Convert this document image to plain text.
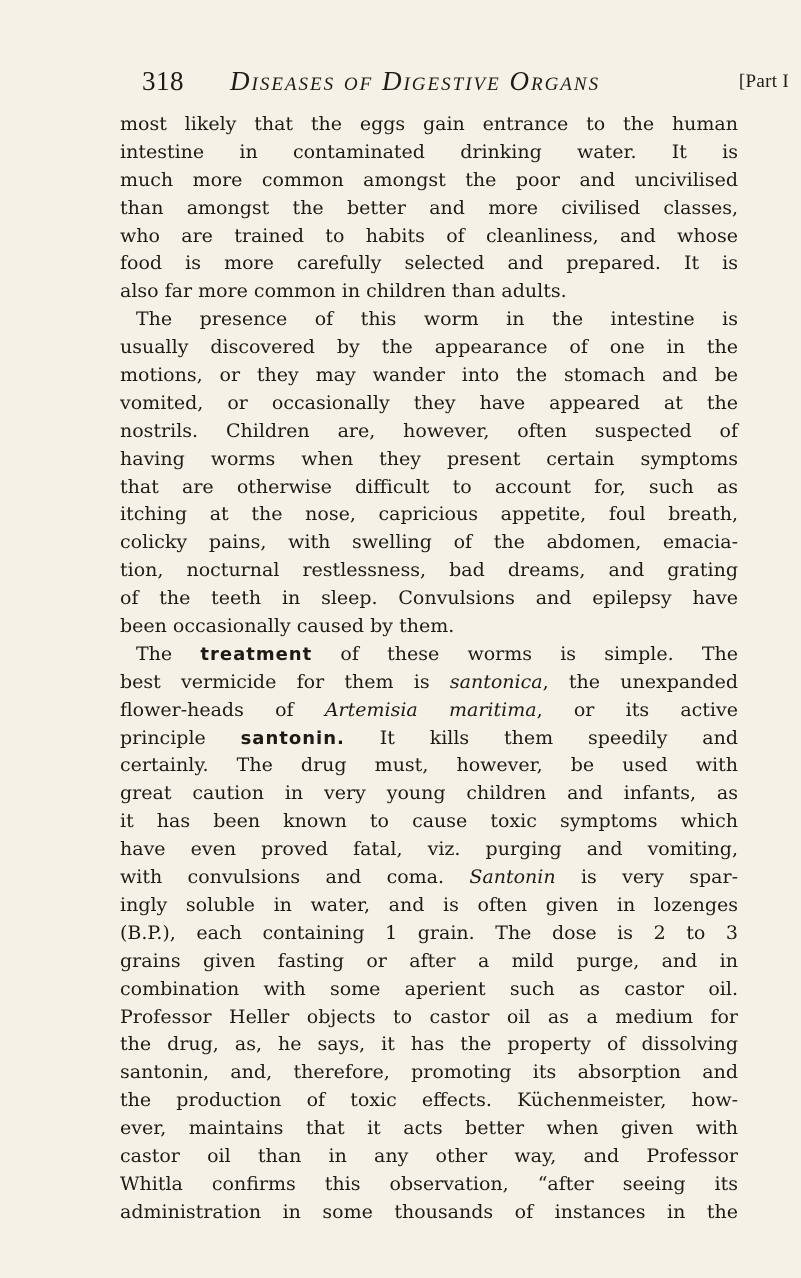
318 Diseases of Digestive Organs	[Part I
most likely that the eggs gain entrance to the human
intestine in contaminated drinking water. It is
much more common amongst the poor and uncivilised
than amongst the better and more civilised classes,
who are trained to habits of cleanliness, and whose
food is more carefully selected and prepared. It is
also far more common in children than adults.
The presence of this worm in the intestine is
usually discovered by the appearance of one in the
motions, or they may wander into the stomach and be
vomited, or occasionally they have appeared at the
nostrils. Children are, however, often suspected of
having worms when they present certain symptoms
that are otherwise difficult to account for, such as
itching at the nose, capricious appetite, foul breath,
colicky pains, with swelling of the abdomen, emacia-
tion, nocturnal restlessness, bad dreams, and grating
of the teeth in sleep. Convulsions and epilepsy have
been occasionally caused by them.
The treatment of these worms is simple. The
best vermicide for them is santonica, the unexpanded
flower-heads of Artemisia maritima, or its active
principle santonin. It kills them speedily and
certainly. The drug must, however, be used with
great caution in very young children and infants, as
it has been known to cause toxic symptoms which
have even proved fatal, viz. purging and vomiting,
with convulsions and coma. Santonin is very spar-
ingly soluble in water, and is often given in lozenges
(B.P.), each containing 1 grain. The dose is 2 to 3
grains given fasting or after a mild purge, and in
combination with some aperient such as castor oil.
Professor Heller objects to castor oil as a medium for
the drug, as, he says, it has the property of dissolving
santonin, and, therefore, promoting its absorption and
the production of toxic effects. Küchenmeister, how-
ever, maintains that it acts better when given with
castor oil than in any other way, and Professor
Whitla confirms this observation, “after seeing its
administration in some thousands of instances in the
